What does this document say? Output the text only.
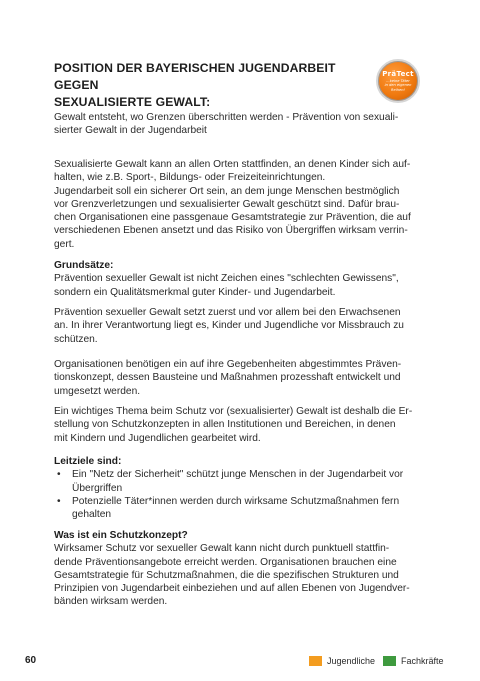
POSITION DER BAYERISCHEN JUGENDARBEIT GEGEN
SEXUALISIERTE GEWALT:
PräTect
...keine Täter
in den eigenen
Reihen!
Gewalt entsteht, wo Grenzen überschritten werden - Prävention von sexuali-
sierter Gewalt in der Jugendarbeit
Sexualisierte Gewalt kann an allen Orten stattfinden, an denen Kinder sich auf-
halten, wie z.B. Sport-, Bildungs- oder Freizeiteinrichtungen.
Jugendarbeit soll ein sicherer Ort sein, an dem junge Menschen bestmöglich
vor Grenzverletzungen und sexualisierter Gewalt geschützt sind. Dafür brau-
chen Organisationen eine passgenaue Gesamtstrategie zur Prävention, die auf
verschiedenen Ebenen ansetzt und das Risiko von Übergriffen wirksam verrin-
gert.
Grundsätze:
Prävention sexueller Gewalt ist nicht Zeichen eines "schlechten Gewissens",
sondern ein Qualitätsmerkmal guter Kinder- und Jugendarbeit.
Prävention sexueller Gewalt setzt zuerst und vor allem bei den Erwachsenen
an. In ihrer Verantwortung liegt es, Kinder und Jugendliche vor Missbrauch zu
schützen.
Organisationen benötigen ein auf ihre Gegebenheiten abgestimmtes Präven-
tionskonzept, dessen Bausteine und Maßnahmen prozesshaft entwickelt und
umgesetzt werden.
Ein wichtiges Thema beim Schutz vor (sexualisierter) Gewalt ist deshalb die Er-
stellung von Schutzkonzepten in allen Institutionen und Bereichen, in denen
mit Kindern und Jugendlichen gearbeitet wird.
Leitziele sind:
• Ein "Netz der Sicherheit" schützt junge Menschen in der Jugendarbeit vor
Übergriffen
• Potenzielle Täter*innen werden durch wirksame Schutzmaßnahmen fern
gehalten
Was ist ein Schutzkonzept?
Wirksamer Schutz vor sexueller Gewalt kann nicht durch punktuell stattfin-
dende Präventionsangebote erreicht werden. Organisationen brauchen eine
Gesamtstrategie für Schutzmaßnahmen, die die spezifischen Strukturen und
Prinzipien von Jugendarbeit einbeziehen und auf allen Ebenen von Jugendver-
bänden wirksam werden.
60	Jugendliche	Fachkräfte
